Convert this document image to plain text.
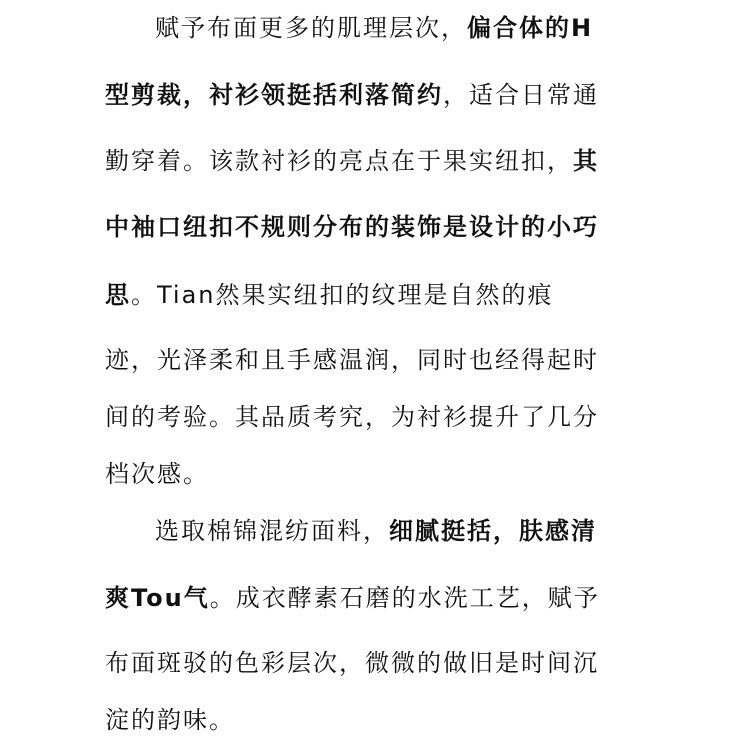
赋予布面更多的肌理层次，偏合体的H
型剪裁，衬衫领挺括利落简约，适合日常通
勤穿着。该款衬衫的亮点在于果实纽扣，其
中袖口纽扣不规则分布的装饰是设计的小巧
思。Tian然果实纽扣的纹理是自然的痕
迹，光泽柔和且手感温润，同时也经得起时
间的考验。其品质考究，为衬衫提升了几分
档次感。
选取棉锦混纺面料，细腻挺括，肤感清
爽Tou气。成衣酵素石磨的水洗工艺，赋予
布面斑驳的色彩层次，微微的做旧是时间沉
淀的韵味。
